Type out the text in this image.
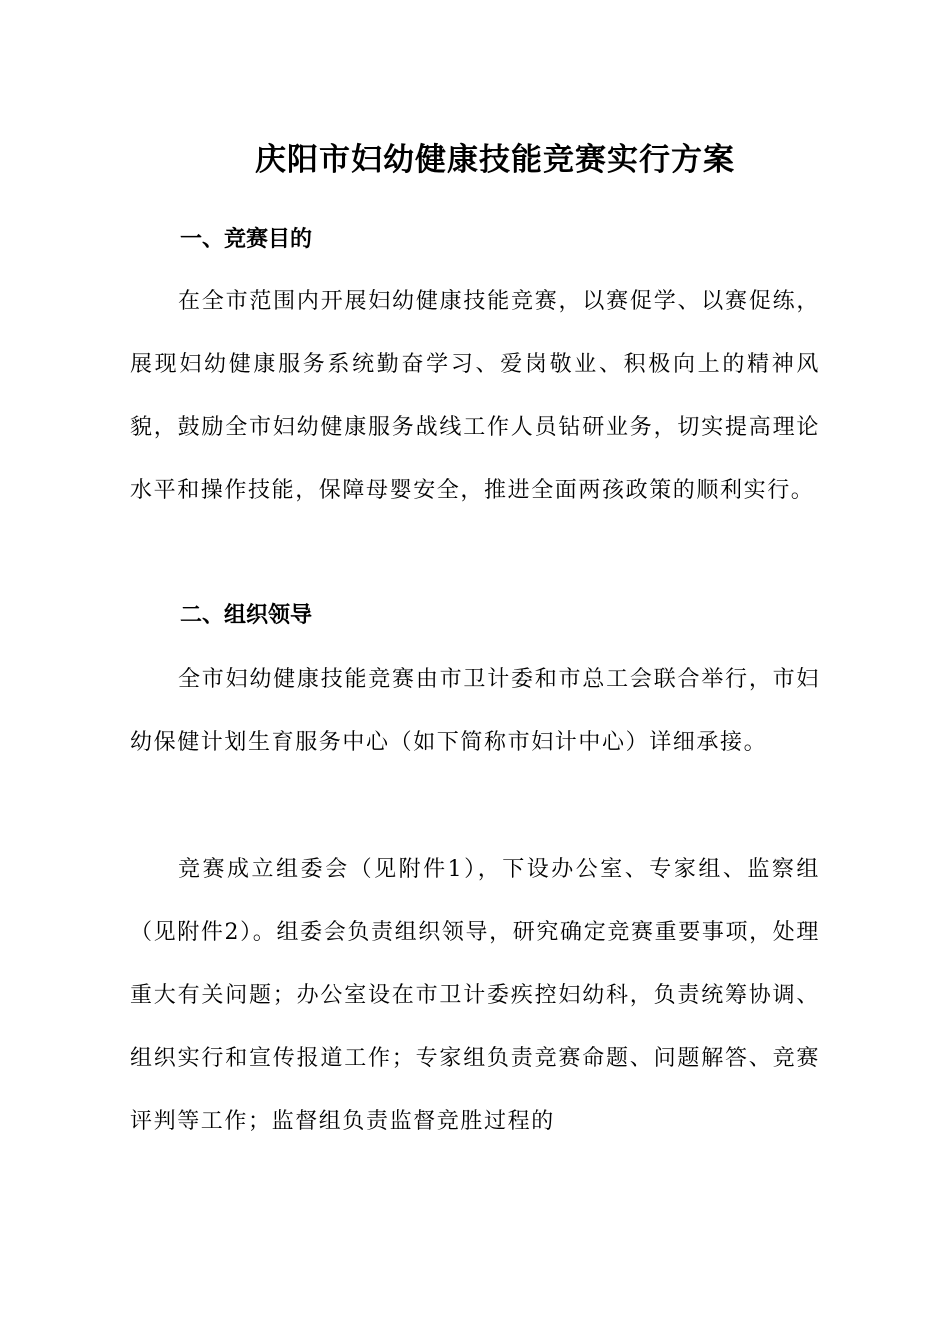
庆阳市妇幼健康技能竞赛实行方案
一、竞赛目的

在全市范围内开展妇幼健康技能竞赛，以赛促学、以赛促练，展现妇幼健康服务系统勤奋学习、爱岗敬业、积极向上的精神风貌，鼓励全市妇幼健康服务战线工作人员钻研业务，切实提高理论水平和操作技能，保障母婴安全，推进全面两孩政策的顺利实行。

二、组织领导

全市妇幼健康技能竞赛由市卫计委和市总工会联合举行，市妇幼保健计划生育服务中心（如下简称市妇计中心）详细承接。

竞赛成立组委会（见附件1），下设办公室、专家组、监察组（见附件2）。组委会负责组织领导，研究确定竞赛重要事项，处理重大有关问题；办公室设在市卫计委疾控妇幼科，负责统筹协调、组织实行和宣传报道工作；专家组负责竞赛命题、问题解答、竞赛评判等工作；监督组负责监督竞胜过程的
